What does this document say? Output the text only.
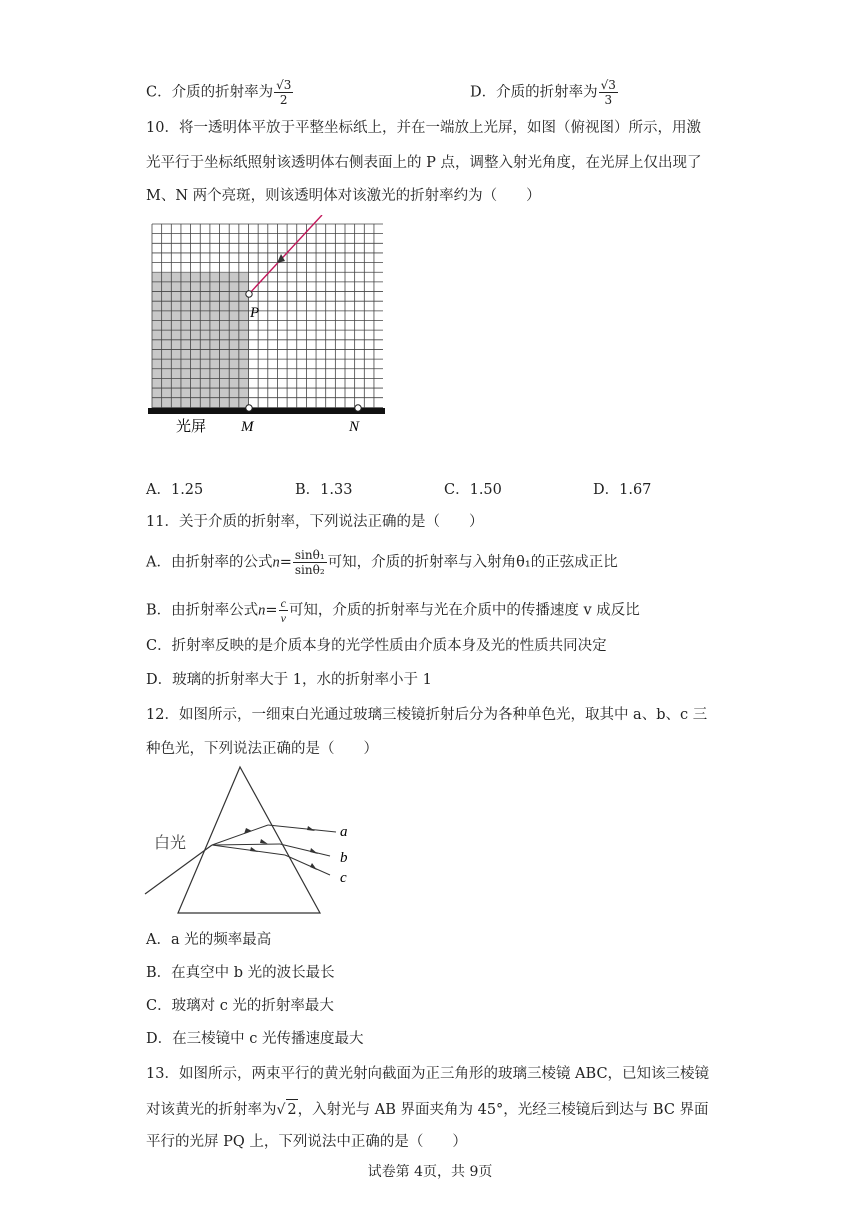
C．介质的折射率为 $\frac{√3}{2}$	D．介质的折射率为 $\frac{√3}{3}$
10．将一透明体平放于平整坐标纸上，并在一端放上光屏，如图（俯视图）所示，用激
光平行于坐标纸照射该透明体右侧表面上的 P 点，调整入射光角度，在光屏上仅出现了
M、N 两个亮斑，则该透明体对该激光的折射率约为（　　）
P
M	N
光屏
A．1.25	B．1.33	C．1.50	D．1.67
11．关于介质的折射率，下列说法正确的是（　　）
A．由折射率的公式$n= \frac{\text{sinθ₁}}{\text{sinθ₂}}$ 可知，介质的折射率与入射角θ₁的正弦成正比
B．由折射率公式$n= \frac{c}{v}$ 可知，介质的折射率与光在介质中的传播速度 v 成反比
C．折射率反映的是介质本身的光学性质由介质本身及光的性质共同决定
D．玻璃的折射率大于 1，水的折射率小于 1
12．如图所示，一细束白光通过玻璃三棱镜折射后分为各种单色光，取其中 a、b、c 三
种色光，下列说法正确的是（　　）
白光
a
b
c
A．a 光的频率最高
B．在真空中 b 光的波长最长
C．玻璃对 c 光的折射率最大
D．在三棱镜中 c 光传播速度最大
13．如图所示，两束平行的黄光射向截面为正三角形的玻璃三棱镜 ABC，已知该三棱镜
对该黄光的折射率为√ 2，入射光与 AB 界面夹角为 45°，光经三棱镜后到达与 BC 界面
平行的光屏 PQ 上，下列说法中正确的是（　　）
试卷第 4页，共 9页
